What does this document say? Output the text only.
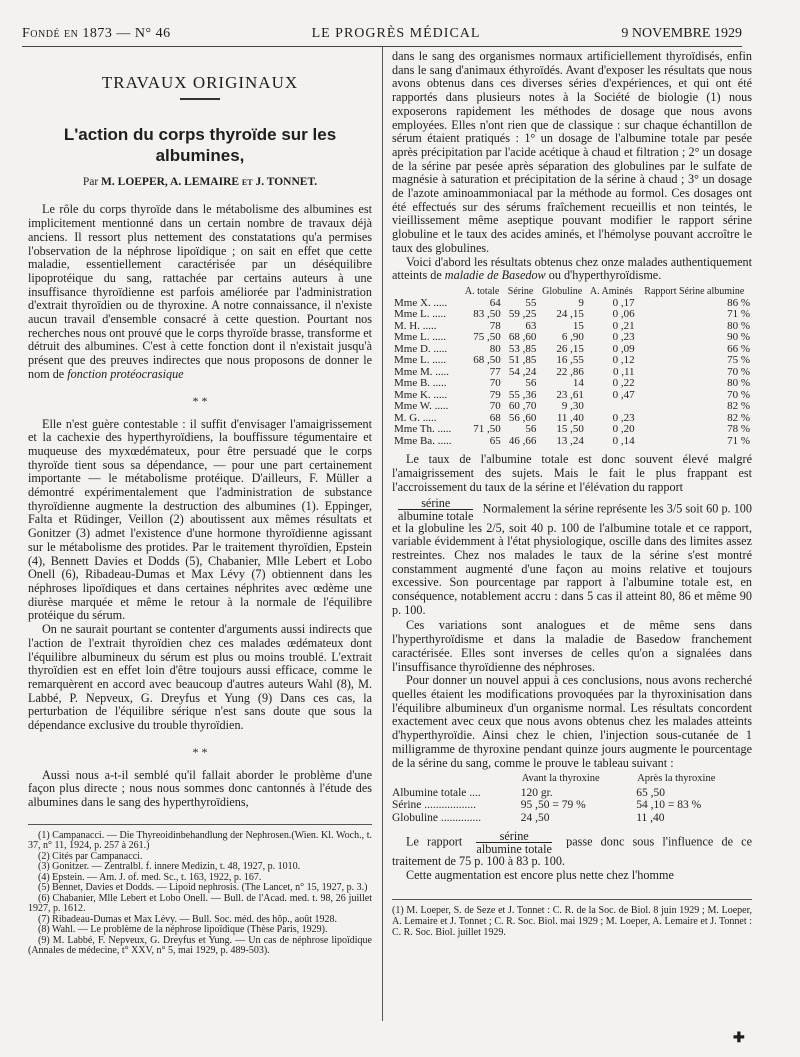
Fondé en 1873 — N° 46	LE PROGRÈS MÉDICAL	9 NOVEMBRE 1929
TRAVAUX ORIGINAUX
L'action du corps thyroïde sur les albumines,
Par M. LOEPER, A. LEMAIRE et J. TONNET.

Le rôle du corps thyroïde dans le métabolisme des albumines est implicitement mentionné dans un certain nombre de travaux déjà anciens. Il ressort plus nettement des constatations qu'a permises l'observation de la néphrose lipoïdique ; on sait en effet que cette maladie, essentiellement caractérisée par un déséquilibre lipoprotéique du sang, rattachée par certains auteurs à une insuffisance thyroïdienne est parfois améliorée par l'administration d'extrait thyroïdien ou de thyroxine. A notre connaissance, il n'existe aucun travail d'ensemble consacré à cette question. Pourtant nos recherches nous ont prouvé que le corps thyroïde brasse, transforme et détruit des albumines. C'est à cette fonction dont il n'existait jusqu'à présent que des preuves indirectes que nous proposons de donner le nom de fonction protéocrasique

* *

Elle n'est guère contestable : il suffit d'envisager l'amaigrissement et la cachexie des hyperthyroïdiens, la bouffissure tégumentaire et muqueuse des myxœdémateux, pour être persuadé que le corps thyroïde tient sous sa dépendance, — pour une part certainement importante — le métabolisme protéique. D'ailleurs, F. Müller a démontré expérimentalement que l'administration de substance thyroïdienne augmente la destruction des albumines (1). Eppinger, Falta et Rüdinger, Veillon (2) aboutissent aux mêmes résultats et Gonitzer (3) admet l'existence d'une hormone thyroïdienne agissant sur le métabolisme des protides. Par le traitement thyroïdien, Epstein (4), Bennett Davies et Dodds (5), Chabanier, Mlle Lebert et Lobo Onell (6), Ribadeau-Dumas et Max Lévy (7) obtiennent dans les néphroses lipoïdiques et dans certaines néphrites avec œdème une diurèse marquée et même le retour à la normale de l'équilibre protéique du sérum.

On ne saurait pourtant se contenter d'arguments aussi indirects que l'action de l'extrait thyroïdien chez ces malades œdémateux dont l'équilibre albumineux du sérum est plus ou moins troublé. L'extrait thyroïdien est en effet loin d'être toujours aussi efficace, comme le remarquèrent en accord avec beaucoup d'autres auteurs Wahl (8), M. Labbé, P. Nepveux, G. Dreyfus et Yung (9) Dans ces cas, la perturbation de l'équilibre sérique n'est sans doute que sous la dépendance exclusive du trouble thyroïdien.

* *

Aussi nous a-t-il semblé qu'il fallait aborder le problème d'une façon plus directe ; nous nous sommes donc cantonnés à l'étude des albumines dans le sang des hyperthyroïdiens,

(1) Campanacci. — Die Thyreoidinbehandlung der Nephrosen.(Wien. Kl. Woch., t. 37, n° 11, 1924, p. 257 à 261.)
(2) Cités par Campanacci.
(3) Gonitzer. — Zentralbl. f. innere Medizin, t. 48, 1927, p. 1010.
(4) Epstein. — Am. J. of. med. Sc., t. 163, 1922, p. 167.
(5) Bennet, Davies et Dodds. — Lipoid nephrosis. (The Lancet, n° 15, 1927, p. 3.)
(6) Chabanier, Mlle Lebert et Lobo Onell. — Bull. de l'Acad. med. t. 98, 26 juillet 1927, p. 1612.
(7) Ribadeau-Dumas et Max Lévy. — Bull. Soc. méd. des hôp., août 1928.
(8) Wahl. — Le problème de la néphrose lipoïdique (Thèse Paris, 1929).
(9) M. Labbé, F. Nepveux, G. Dreyfus et Yung. — Un cas de néphrose lipoïdique (Annales de médecine, t° XXV, n° 5, mai 1929, p. 489-503).

dans le sang des organismes normaux artificiellement thyroïdisés, enfin dans le sang d'animaux éthyroïdés. Avant d'exposer les résultats que nous avons obtenus dans ces diverses séries d'expériences, et qui ont été rapportés dans plusieurs notes à la Société de biologie (1) nous exposerons rapidement les méthodes de dosage que nous avons employées. Elles n'ont rien que de classique : sur chaque échantillon de sérum étaient pratiqués : 1° un dosage de l'albumine totale par pesée après précipitation par l'acide acétique à chaud et filtration ; 2° un dosage de la sérine par pesée après séparation des globulines par le sulfate de magnésie à saturation et précipitation de la sérine à chaud ; 3° un dosage de l'azote aminoammoniacal par la méthode au formol. Ces dosages ont été effectués sur des sérums fraîchement recueillis et non teintés, le vieillissement même aseptique pouvant modifier le rapport sérine globuline et le taux des acides aminés, et l'hémolyse pouvant accroître le taux des globulines.

Voici d'abord les résultats obtenus chez onze malades authentiquement atteints de maladie de Basedow ou d'hyperthyroïdisme.

	A. totale	Sérine	Globuline	A. Aminés	Rapport Sérine albumine
Mme X. .....	64	55	9	0 ,17	86 %
Mme L. .....	83 ,50	59 ,25	24 ,15	0 ,06	71 %
M. H. .....	78	63	15	0 ,21	80 %
Mme L. .....	75 ,50	68 ,60	6 ,90	0 ,23	90 %
Mme D. .....	80	53 ,85	26 ,15	0 ,09	66 %
Mme L. .....	68 ,50	51 ,85	16 ,55	0 ,12	75 %
Mme M. .....	77	54 ,24	22 ,86	0 ,11	70 %
Mme B. .....	70	56	14	0 ,22	80 %
Mme K. .....	79	55 ,36	23 ,61	0 ,47	70 %
Mme W. .....	70	60 ,70	9 ,30		82 %
M. G. .....	68	56 ,60	11 ,40	0 ,23	82 %
Mme Th. .....	71 ,50	56	15 ,50	0 ,20	78 %
Mme Ba. .....	65	46 ,66	13 ,24	0 ,14	71 %

Le taux de l'albumine totale est donc souvent élevé malgré l'amaigrissement des sujets. Mais le fait le plus frappant est l'accroissement du taux de la sérine et l'élévation du rapport

$\frac{\text{sérine}}{\text{albumine totale}}$ Normalement la sérine représente les 3/5 soit 60 p. 100 et la globuline les 2/5, soit 40 p. 100 de l'albumine totale et ce rapport, variable évidemment à l'état physiologique, oscille dans des limites assez restreintes. Chez nos malades le taux de la sérine s'est montré constamment augmenté d'une façon au moins relative et toujours excessive. Son pourcentage par rapport à l'albumine totale est, en conséquence, notablement accru : dans 5 cas il atteint 80, 86 et même 90 p. 100.

Ces variations sont analogues et de même sens dans l'hyperthyroïdisme et dans la maladie de Basedow franchement caractérisée. Elles sont inverses de celles qu'on a signalées dans l'insuffisance thyroïdienne des néphroses.

Pour donner un nouvel appui à ces conclusions, nous avons recherché quelles étaient les modifications provoquées par la thyroxinisation dans l'équilibre albumineux d'un organisme normal. Les résultats concordent exactement avec ceux que nous avons obtenus chez les malades atteints d'hyperthyroïdie. Ainsi chez le chien, l'injection sous-cutanée de 1 milligramme de thyroxine pendant quinze jours augmente le pourcentage de la sérine du sang, comme le prouve le tableau suivant :

	Avant la thyroxine	Après la thyroxine
Albumine totale ....	120 gr.	65 ,50
Sérine ..................	95 ,50 = 79 %	54 ,10 = 83 %
Globuline ..............	24 ,50	11 ,40
Le rapport $\frac{\text{sérine}}{\text{albumine totale}}$ passe donc sous l'influence de ce traitement de 75 p. 100 à 83 p. 100.

Cette augmentation est encore plus nette chez l'homme

(1) M. Loeper, S. de Seze et J. Tonnet : C. R. de la Soc. de Biol. 8 juin 1929 ; M. Loeper, A. Lemaire et J. Tonnet ; C. R. Soc. Biol. mai 1929 ; M. Loeper, A. Lemaire et J. Tonnet : C. R. Soc. Biol. juillet 1929.
✚
